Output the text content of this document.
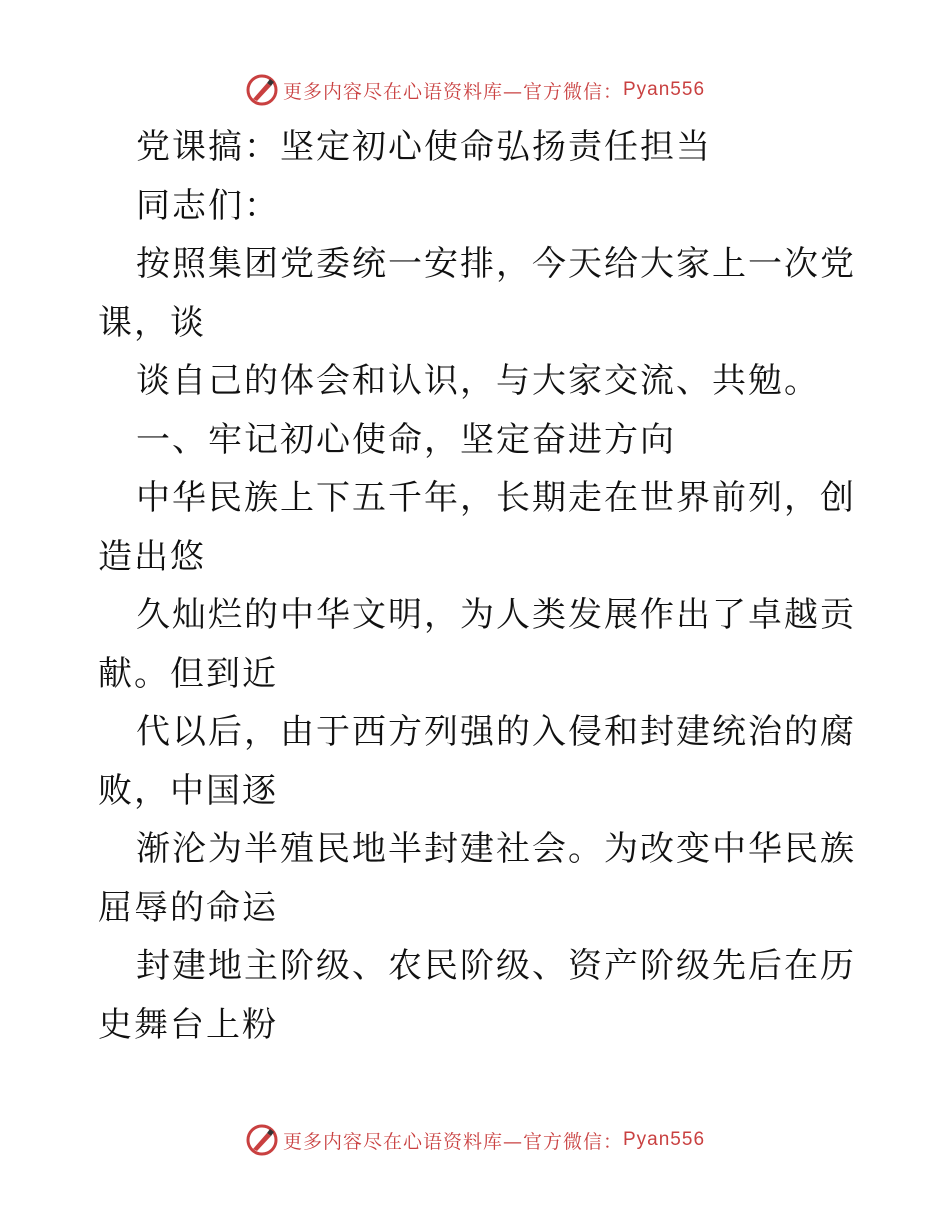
更多内容尽在心语资料库—官方微信： Pyan556

党课搞：坚定初心使命弘扬责任担当

同志们：

按照集团党委统一安排，今天给大家上一次党课，谈

谈自己的体会和认识，与大家交流、共勉。

一、牢记初心使命，坚定奋进方向

中华民族上下五千年，长期走在世界前列，创造出悠

久灿烂的中华文明，为人类发展作出了卓越贡献。但到近

代以后，由于西方列强的入侵和封建统治的腐败，中国逐

渐沦为半殖民地半封建社会。为改变中华民族屈辱的命运

封建地主阶级、农民阶级、资产阶级先后在历史舞台上粉

更多内容尽在心语资料库—官方微信： Pyan556
